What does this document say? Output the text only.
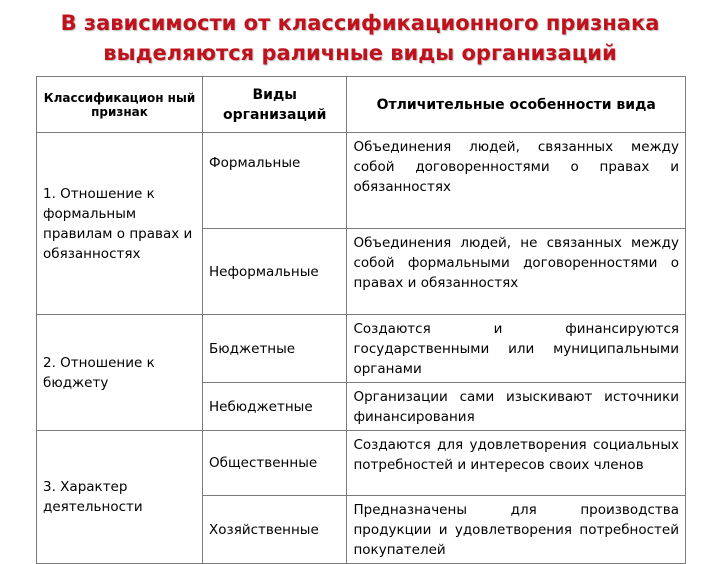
В зависимости от классификационного признака
выделяются раличные виды организаций
Классификацион ный признак	Виды организаций	Отличительные особенности вида
1. Отношение к формальным правилам о правах и обязанностях	Формальные	Объединения людей, связанных между собой договоренностями о правах и обязанностях
	Неформальные	Объединения людей, не связанных между собой формальными договоренностями о правах и обязанностях
2. Отношение к бюджету	Бюджетные	Создаются и финансируются государственными или муниципальными органами
	Небюджетные	Организации сами изыскивают источники финансирования
3. Характер деятельности	Общественные	Создаются для удовлетворения социальных потребностей и интересов своих членов
	Хозяйственные	Предназначены для производства продукции и удовлетворения потребностей покупателей
